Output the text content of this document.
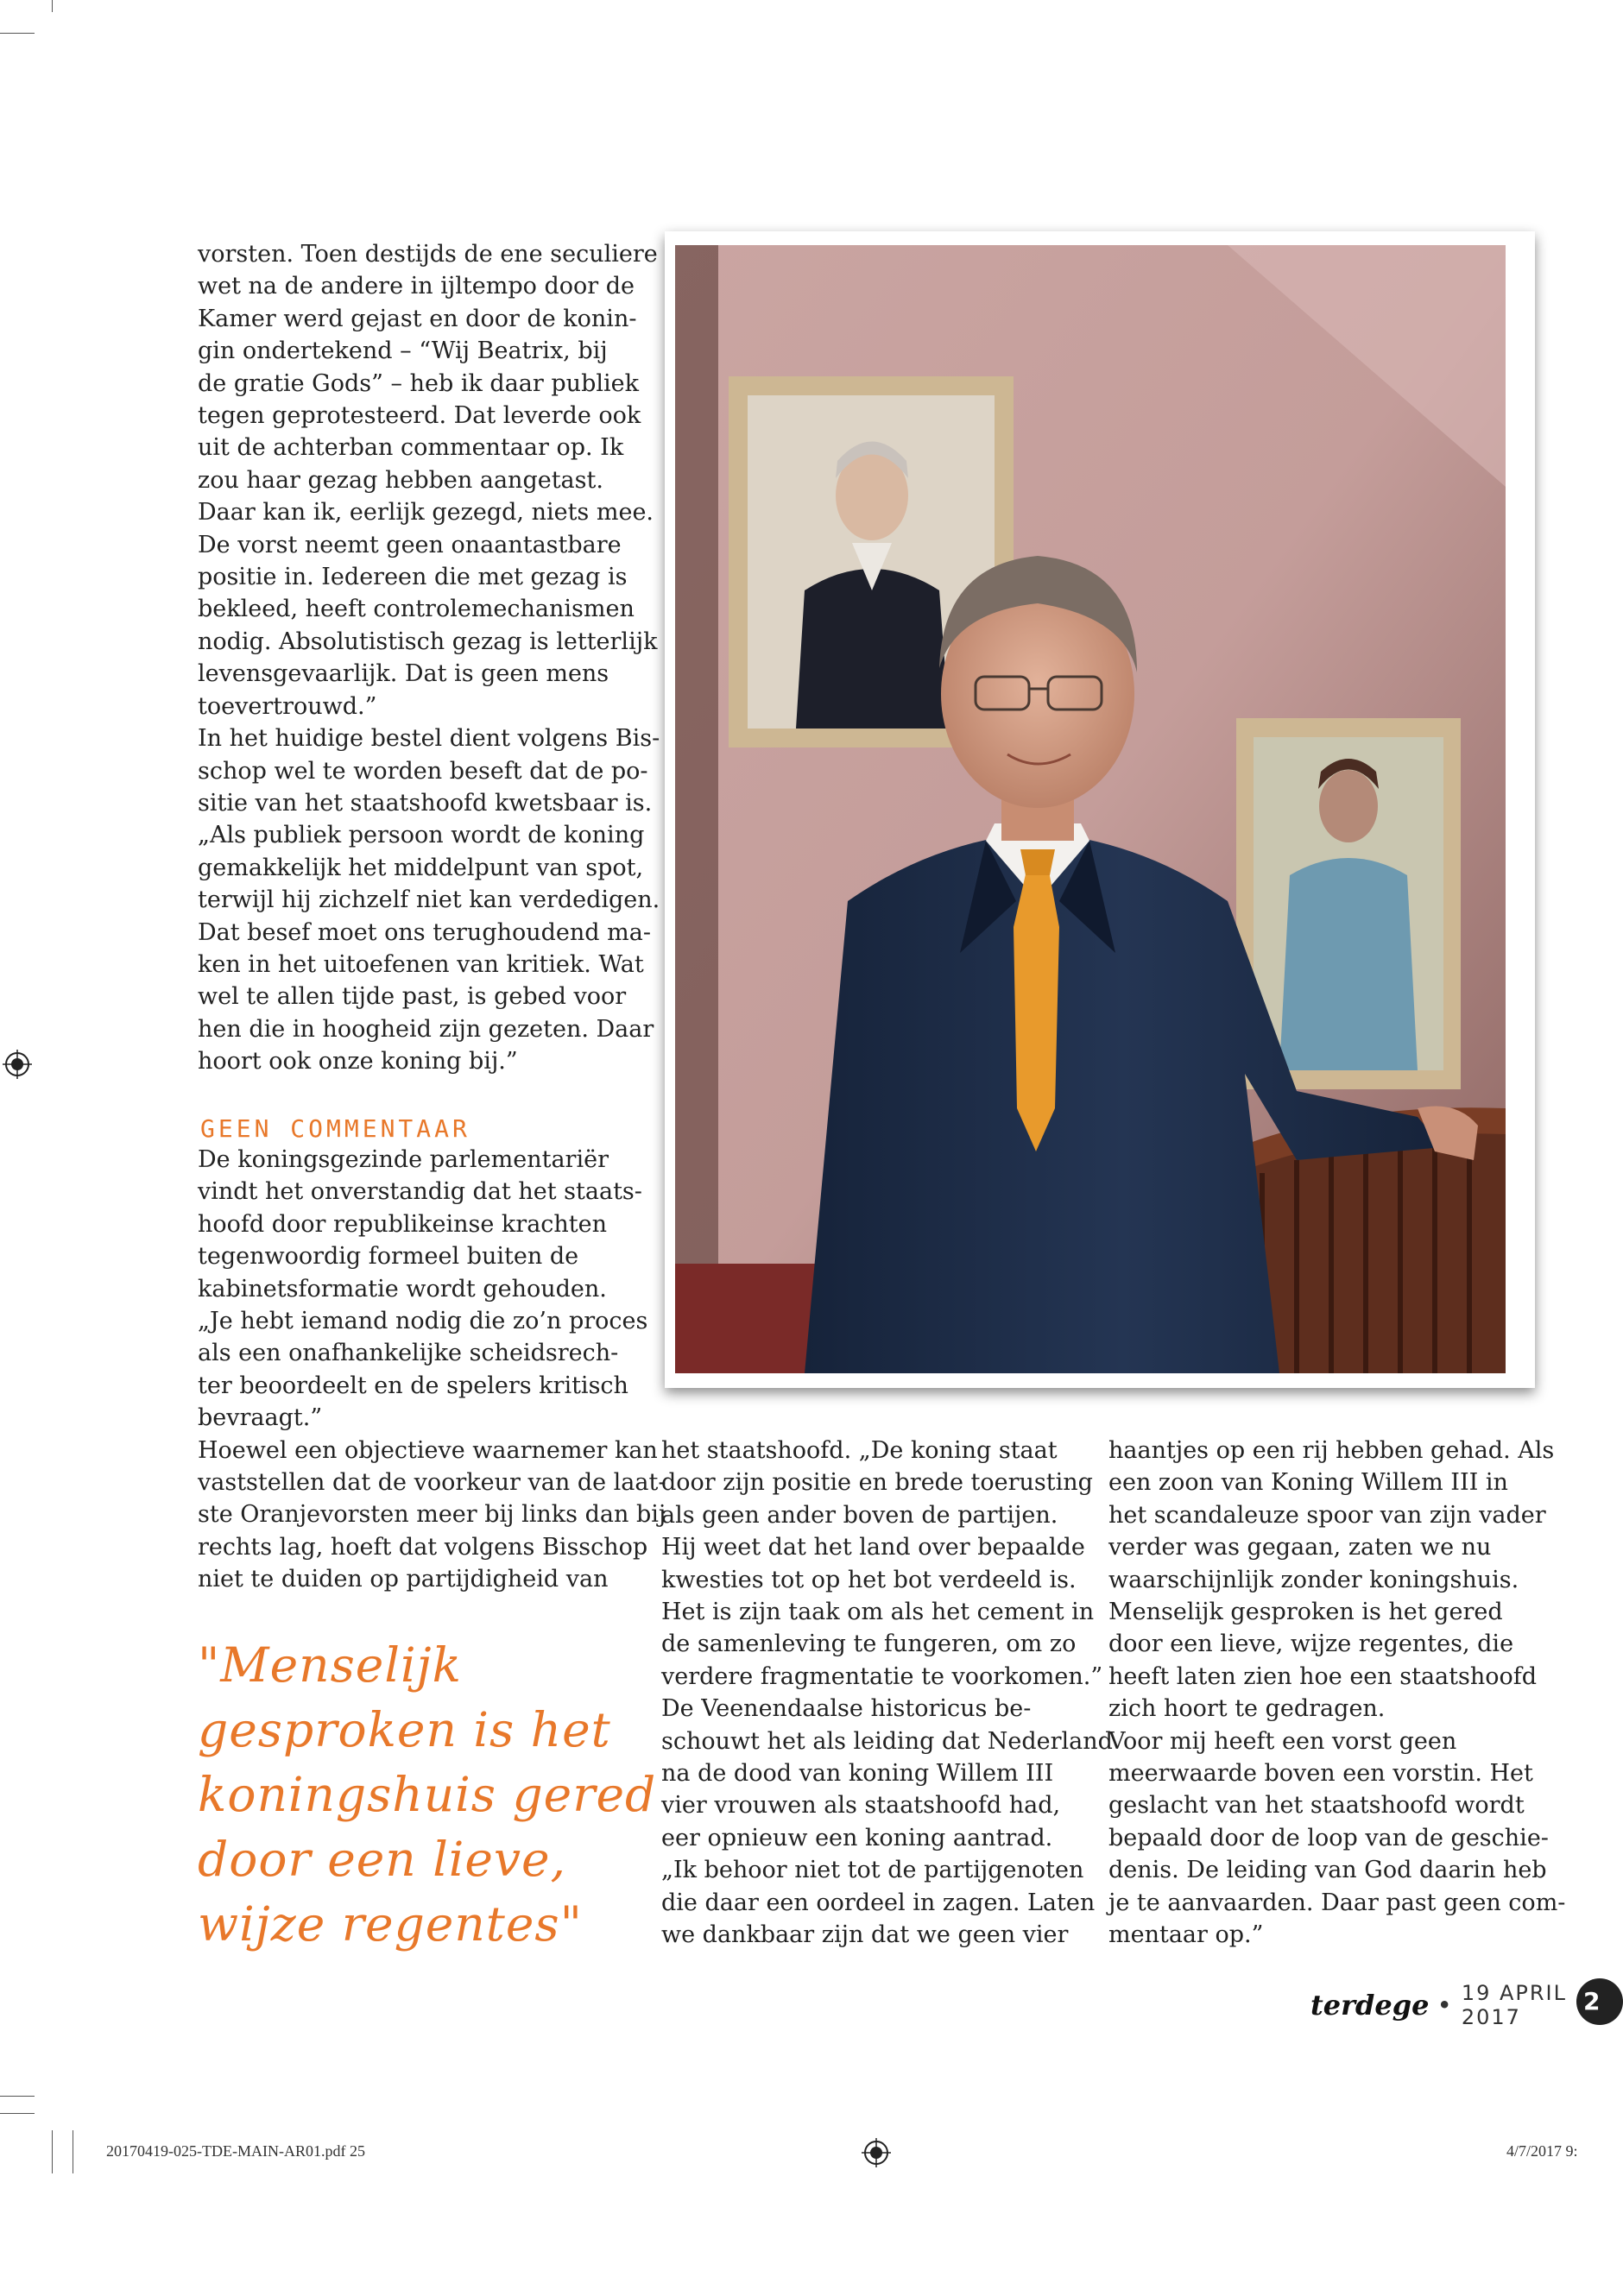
vorsten. Toen destijds de ene seculiere
wet na de andere in ijltempo door de
Kamer werd gejast en door de konin-
gin ondertekend – “Wij Beatrix, bij
de gratie Gods” – heb ik daar publiek
tegen geprotesteerd. Dat leverde ook
uit de achterban commentaar op. Ik
zou haar gezag hebben aangetast.
Daar kan ik, eerlijk gezegd, niets mee.
De vorst neemt geen onaantastbare
positie in. Iedereen die met gezag is
bekleed, heeft controlemechanismen
nodig. Absolutistisch gezag is letterlijk
levensgevaarlijk. Dat is geen mens
toevertrouwd.”
In het huidige bestel dient volgens Bis-
schop wel te worden beseft dat de po-
sitie van het staatshoofd kwetsbaar is.
„Als publiek persoon wordt de koning
gemakkelijk het middelpunt van spot,
terwijl hij zichzelf niet kan verdedigen.
Dat besef moet ons terughoudend ma-
ken in het uitoefenen van kritiek. Wat
wel te allen tijde past, is gebed voor
hen die in hoogheid zijn gezeten. Daar
hoort ook onze koning bij.”
GEEN COMMENTAAR
De koningsgezinde parlementariër
vindt het onverstandig dat het staats-
hoofd door republikeinse krachten
tegenwoordig formeel buiten de
kabinetsformatie wordt gehouden.
„Je hebt iemand nodig die zo’n proces
als een onafhankelijke scheidsrech-
ter beoordeelt en de spelers kritisch
bevraagt.”
Hoewel een objectieve waarnemer kan
vaststellen dat de voorkeur van de laat-
ste Oranjevorsten meer bij links dan bij
rechts lag, hoeft dat volgens Bisschop
niet te duiden op partijdigheid van
"Menselijk
gesproken is het
koningshuis gered
door een lieve,
wijze regentes"
het staatshoofd. „De koning staat
door zijn positie en brede toerusting
als geen ander boven de partijen.
Hij weet dat het land over bepaalde
kwesties tot op het bot verdeeld is.
Het is zijn taak om als het cement in
de samenleving te fungeren, om zo
verdere fragmentatie te voorkomen.”
De Veenendaalse historicus be-
schouwt het als leiding dat Nederland
na de dood van koning Willem III
vier vrouwen als staatshoofd had,
eer opnieuw een koning aantrad.
„Ik behoor niet tot de partijgenoten
die daar een oordeel in zagen. Laten
we dankbaar zijn dat we geen vier
haantjes op een rij hebben gehad. Als
een zoon van Koning Willem III in
het scandaleuze spoor van zijn vader
verder was gegaan, zaten we nu
waarschijnlijk zonder koningshuis.
Menselijk gesproken is het gered
door een lieve, wijze regentes, die
heeft laten zien hoe een staatshoofd
zich hoort te gedragen.
Voor mij heeft een vorst geen
meerwaarde boven een vorstin. Het
geslacht van het staatshoofd wordt
bepaald door de loop van de geschie-
denis. De leiding van God daarin heb
je te aanvaarden. Daar past geen com-
mentaar op.”
terdege • 19 APRIL 2017
2
20170419-025-TDE-MAIN-AR01.pdf 25	4/7/2017 9:
